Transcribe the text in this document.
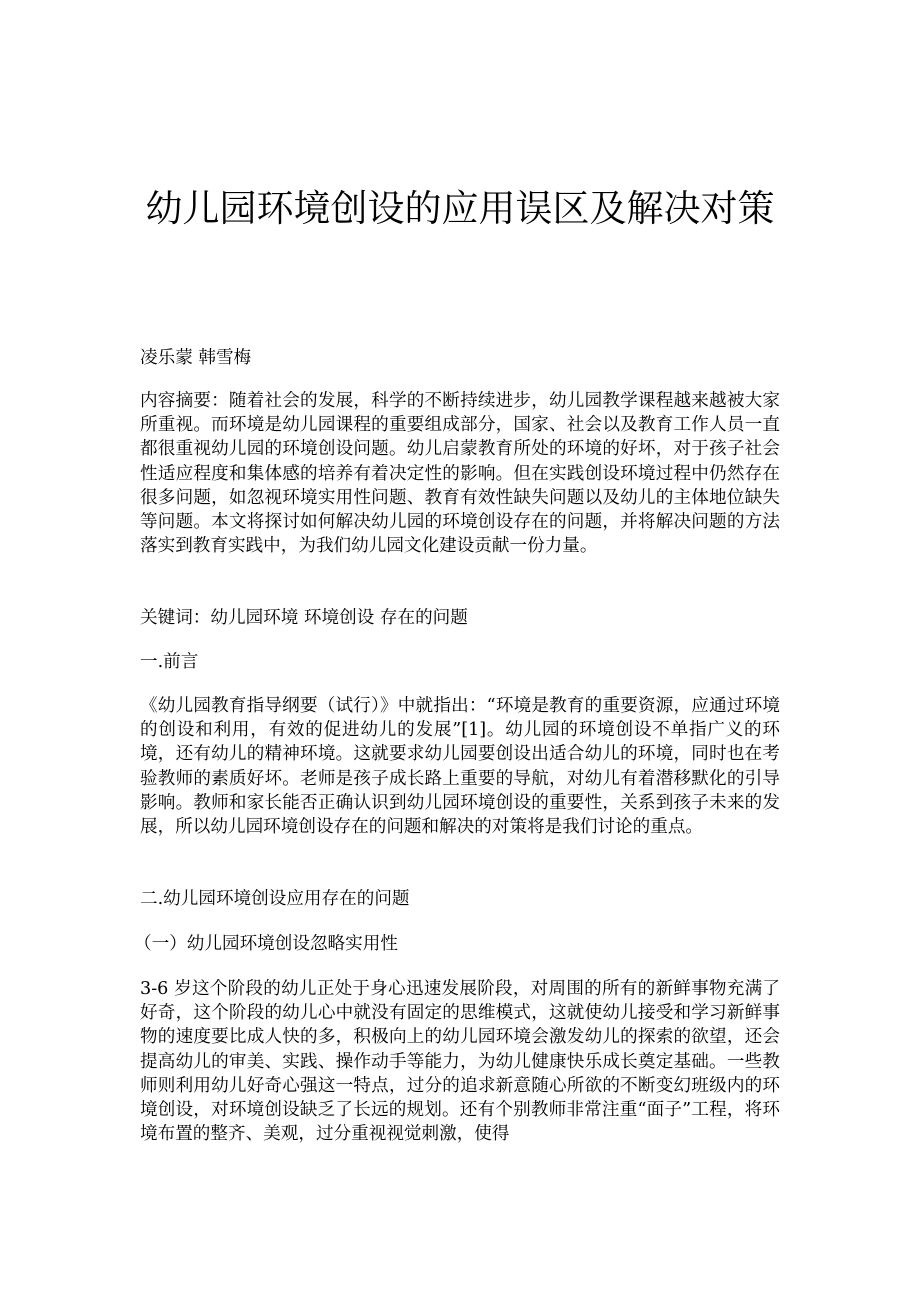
幼儿园环境创设的应用误区及解决对策

凌乐蒙 韩雪梅

内容摘要：随着社会的发展，科学的不断持续进步，幼儿园教学课程越来越被大家所重视。而环境是幼儿园课程的重要组成部分，国家、社会以及教育工作人员一直都很重视幼儿园的环境创设问题。幼儿启蒙教育所处的环境的好坏，对于孩子社会性适应程度和集体感的培养有着决定性的影响。但在实践创设环境过程中仍然存在很多问题，如忽视环境实用性问题、教育有效性缺失问题以及幼儿的主体地位缺失等问题。本文将探讨如何解决幼儿园的环境创设存在的问题，并将解决问题的方法落实到教育实践中，为我们幼儿园文化建设贡献一份力量。

关键词：幼儿园环境 环境创设 存在的问题

一.前言

《幼儿园教育指导纲要（试行）》中就指出：“环境是教育的重要资源，应通过环境的创设和利用，有效的促进幼儿的发展”[1]。幼儿园的环境创设不单指广义的环境，还有幼儿的精神环境。这就要求幼儿园要创设出适合幼儿的环境，同时也在考验教师的素质好坏。老师是孩子成长路上重要的导航，对幼儿有着潜移默化的引导影响。教师和家长能否正确认识到幼儿园环境创设的重要性，关系到孩子未来的发展，所以幼儿园环境创设存在的问题和解决的对策将是我们讨论的重点。

二.幼儿园环境创设应用存在的问题
（一）幼儿园环境创设忽略实用性

3-6 岁这个阶段的幼儿正处于身心迅速发展阶段，对周围的所有的新鲜事物充满了好奇，这个阶段的幼儿心中就没有固定的思维模式，这就使幼儿接受和学习新鲜事物的速度要比成人快的多，积极向上的幼儿园环境会激发幼儿的探索的欲望，还会提高幼儿的审美、实践、操作动手等能力，为幼儿健康快乐成长奠定基础。一些教师则利用幼儿好奇心强这一特点，过分的追求新意随心所欲的不断变幻班级内的环境创设，对环境创设缺乏了长远的规划。还有个别教师非常注重“面子”工程，将环境布置的整齐、美观，过分重视视觉刺激，使得
